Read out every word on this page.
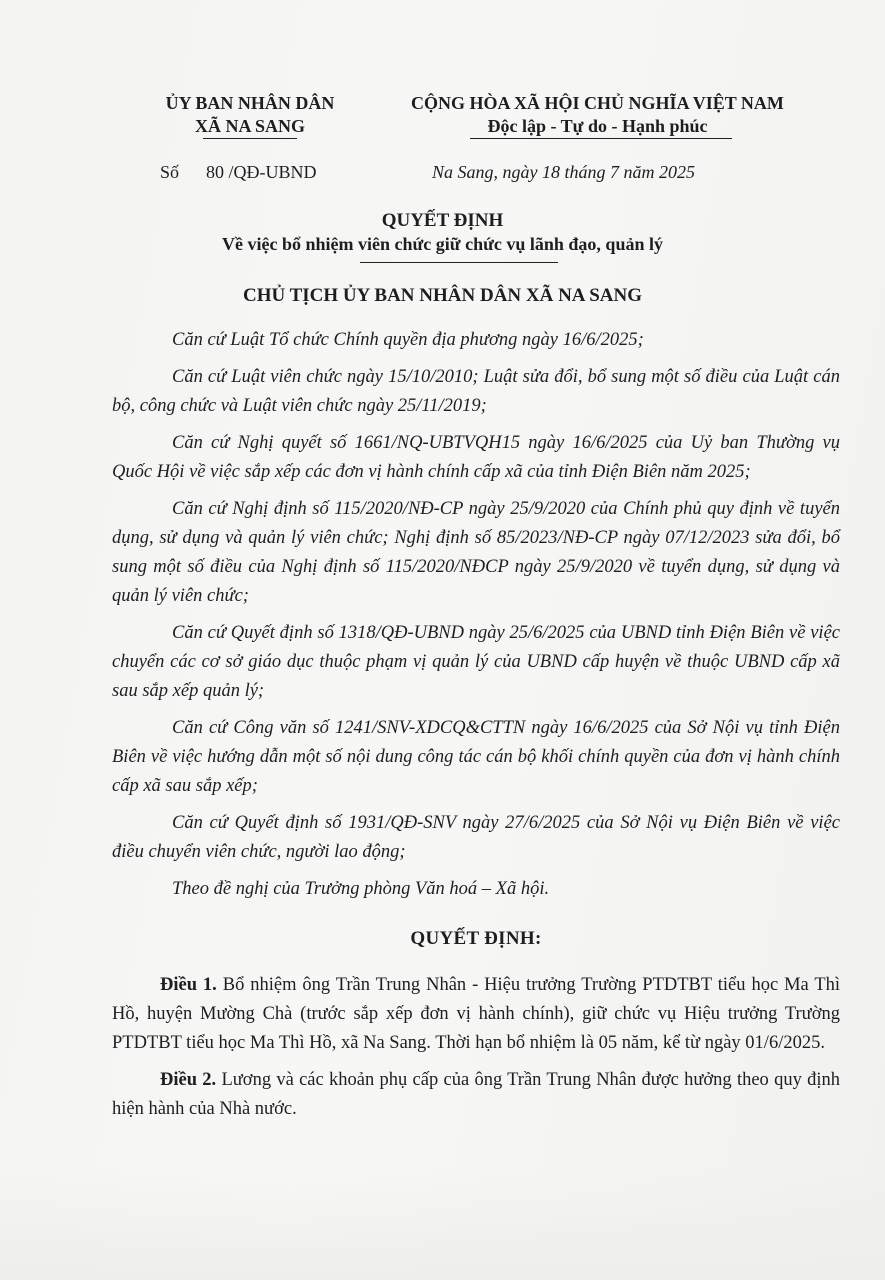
ỦY BAN NHÂN DÂN
XÃ NA SANG
CỘNG HÒA XÃ HỘI CHỦ NGHĨA VIỆT NAM
Độc lập - Tự do - Hạnh phúc
Số 80 /QĐ-UBND	Na Sang, ngày 18 tháng 7 năm 2025
QUYẾT ĐỊNH
Về việc bổ nhiệm viên chức giữ chức vụ lãnh đạo, quản lý
CHỦ TỊCH ỦY BAN NHÂN DÂN XÃ NA SANG

Căn cứ Luật Tổ chức Chính quyền địa phương ngày 16/6/2025;

Căn cứ Luật viên chức ngày 15/10/2010; Luật sửa đổi, bổ sung một số điều của Luật cán bộ, công chức và Luật viên chức ngày 25/11/2019;

Căn cứ Nghị quyết số 1661/NQ-UBTVQH15 ngày 16/6/2025 của Uỷ ban Thường vụ Quốc Hội về việc sắp xếp các đơn vị hành chính cấp xã của tỉnh Điện Biên năm 2025;

Căn cứ Nghị định số 115/2020/NĐ-CP ngày 25/9/2020 của Chính phủ quy định về tuyển dụng, sử dụng và quản lý viên chức; Nghị định số 85/2023/NĐ-CP ngày 07/12/2023 sửa đổi, bổ sung một số điều của Nghị định số 115/2020/NĐCP ngày 25/9/2020 về tuyển dụng, sử dụng và quản lý viên chức;

Căn cứ Quyết định số 1318/QĐ-UBND ngày 25/6/2025 của UBND tỉnh Điện Biên về việc chuyển các cơ sở giáo dục thuộc phạm vị quản lý của UBND cấp huyện về thuộc UBND cấp xã sau sắp xếp quản lý;

Căn cứ Công văn số 1241/SNV-XDCQ&CTTN ngày 16/6/2025 của Sở Nội vụ tỉnh Điện Biên về việc hướng dẫn một số nội dung công tác cán bộ khối chính quyền của đơn vị hành chính cấp xã sau sắp xếp;

Căn cứ Quyết định số 1931/QĐ-SNV ngày 27/6/2025 của Sở Nội vụ Điện Biên về việc điều chuyển viên chức, người lao động;

Theo đề nghị của Trưởng phòng Văn hoá – Xã hội.

QUYẾT ĐỊNH:

Điều 1. Bổ nhiệm ông Trần Trung Nhân - Hiệu trưởng Trường PTDTBT tiểu học Ma Thì Hồ, huyện Mường Chà (trước sắp xếp đơn vị hành chính), giữ chức vụ Hiệu trưởng Trường PTDTBT tiểu học Ma Thì Hồ, xã Na Sang. Thời hạn bổ nhiệm là 05 năm, kể từ ngày 01/6/2025.

Điều 2. Lương và các khoản phụ cấp của ông Trần Trung Nhân được hưởng theo quy định hiện hành của Nhà nước.
